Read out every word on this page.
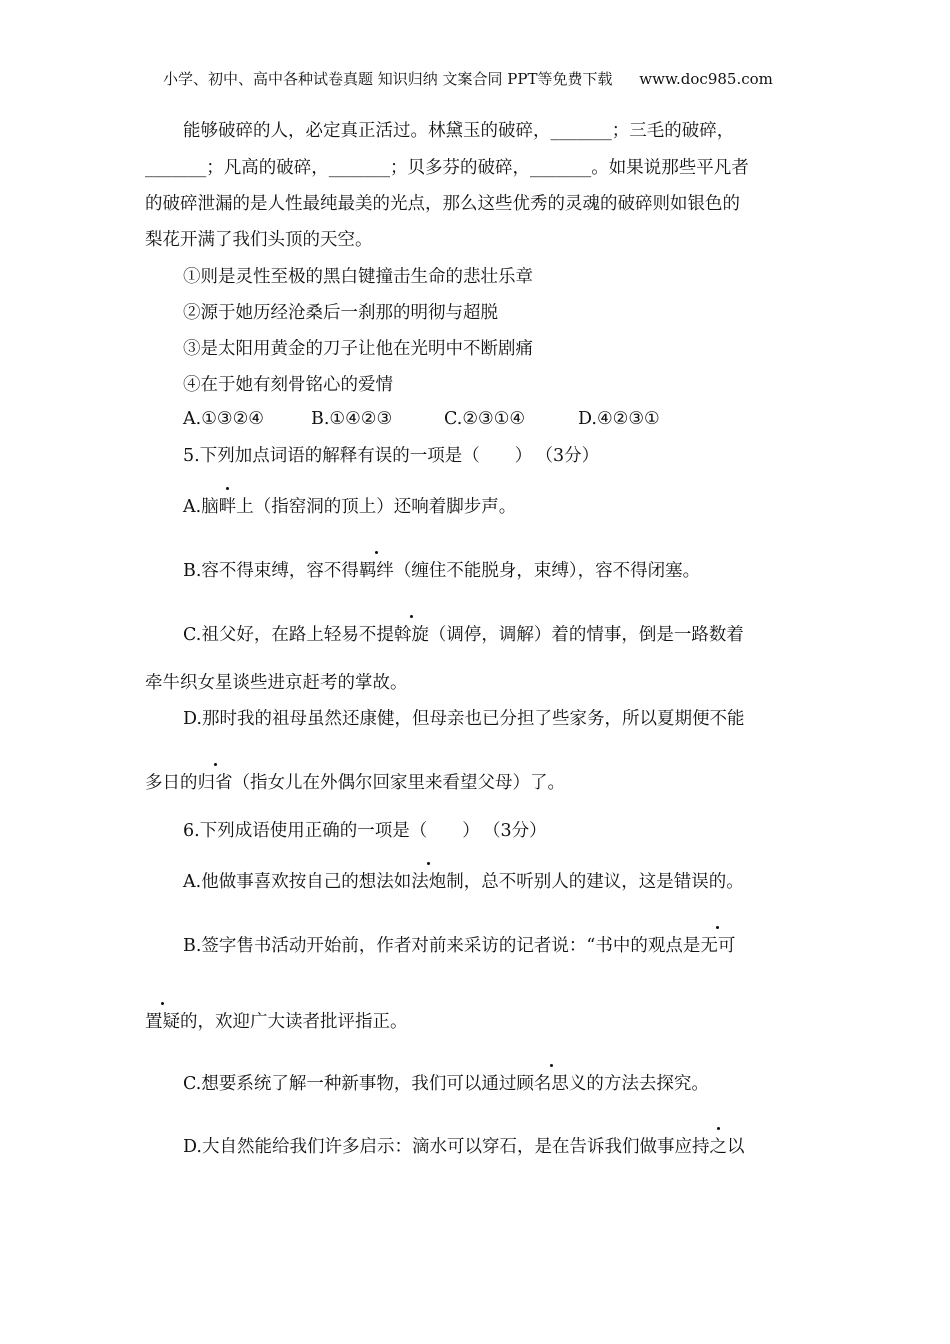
小学、初中、高中各种试卷真题 知识归纳 文案合同 PPT等免费下载 www.doc985.com
能够破碎的人，必定真正活过。林黛玉的破碎，_______；三毛的破碎，
_______；凡高的破碎，_______；贝多芬的破碎，_______。如果说那些平凡者
的破碎泄漏的是人性最纯最美的光点，那么这些优秀的灵魂的破碎则如银色的
梨花开满了我们头顶的天空。
①则是灵性至极的黑白键撞击生命的悲壮乐章
②源于她历经沧桑后一刹那的明彻与超脱
③是太阳用黄金的刀子让他在光明中不断剧痛
④在于她有刻骨铭心的爱情
A.①③②④	B.①④②③	C.②③①④	D.④②③①
5.下列加点词语的解释有误的一项是（　　） （3分）
A.脑畔上（指窑洞的顶上）还响着脚步声。
B.容不得束缚，容不得羁绊（缠住不能脱身，束缚），容不得闭塞。
C.祖父好，在路上轻易不提斡旋（调停，调解）着的情事，倒是一路数着
牵牛织女星谈些进京赶考的掌故。
D.那时我的祖母虽然还康健，但母亲也已分担了些家务，所以夏期便不能
多日的归省（指女儿在外偶尔回家里来看望父母）了。
6.下列成语使用正确的一项是（　　） （3分）
A.他做事喜欢按自己的想法如法炮制，总不听别人的建议，这是错误的。
B.签字售书活动开始前，作者对前来采访的记者说：“书中的观点是无可
置疑的，欢迎广大读者批评指正。
C.想要系统了解一种新事物，我们可以通过顾名思义的方法去探究。
D.大自然能给我们许多启示：滴水可以穿石，是在告诉我们做事应持之以
